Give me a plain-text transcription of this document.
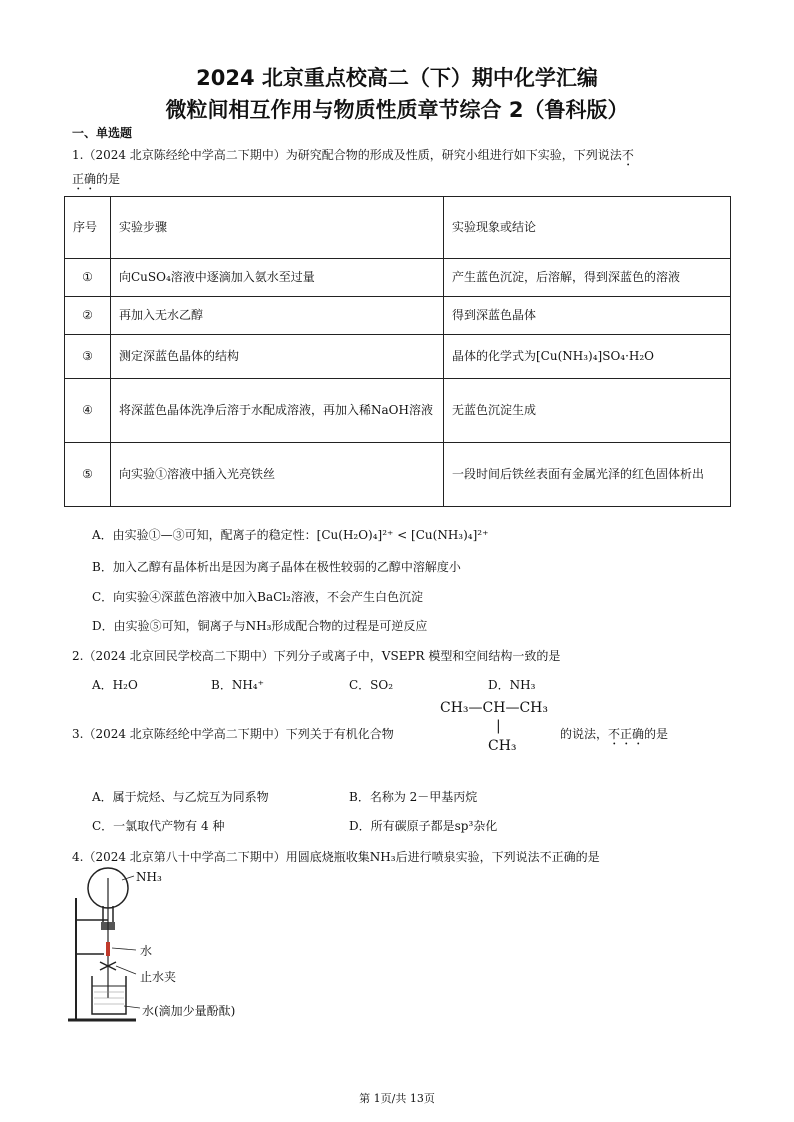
2024 北京重点校高二（下）期中化学汇编
微粒间相互作用与物质性质章节综合 2（鲁科版）
一、单选题
1.（2024 北京陈经纶中学高二下期中）为研究配合物的形成及性质，研究小组进行如下实验，下列说法不
正确的是
序号	实验步骤	实验现象或结论
①	向CuSO₄溶液中逐滴加入氨水至过量	产生蓝色沉淀，后溶解，得到深蓝色的溶液
②	再加入无水乙醇	得到深蓝色晶体
③	测定深蓝色晶体的结构	晶体的化学式为[Cu(NH₃)₄]SO₄·H₂O
④	将深蓝色晶体洗净后溶于水配成溶液，再加入稀NaOH溶液	无蓝色沉淀生成
⑤	向实验①溶液中插入光亮铁丝	一段时间后铁丝表面有金属光泽的红色固体析出
A．由实验①—③可知，配离子的稳定性：[Cu(H₂O)₄]²⁺ < [Cu(NH₃)₄]²⁺
B．加入乙醇有晶体析出是因为离子晶体在极性较弱的乙醇中溶解度小
C．向实验④深蓝色溶液中加入BaCl₂溶液，不会产生白色沉淀
D．由实验⑤可知，铜离子与NH₃形成配合物的过程是可逆反应
2.（2024 北京回民学校高二下期中）下列分子或离子中，VSEPR 模型和空间结构一致的是
A．H₂O	B．NH₄⁺	C．SO₂	D．NH₃
3.（2024 北京陈经纶中学高二下期中）下列关于有机化合物
CH₃—CH—CH₃
|
CH₃
的说法，不正确的是
A．属于烷烃、与乙烷互为同系物	B．名称为 2－甲基丙烷
C．一氯取代产物有 4 种	D．所有碳原子都是sp³杂化
4.（2024 北京第八十中学高二下期中）用圆底烧瓶收集NH₃后进行喷泉实验，下列说法不正确的是
NH₃
水
止水夹
水(滴加少量酚酞)
第 1页/共 13页
